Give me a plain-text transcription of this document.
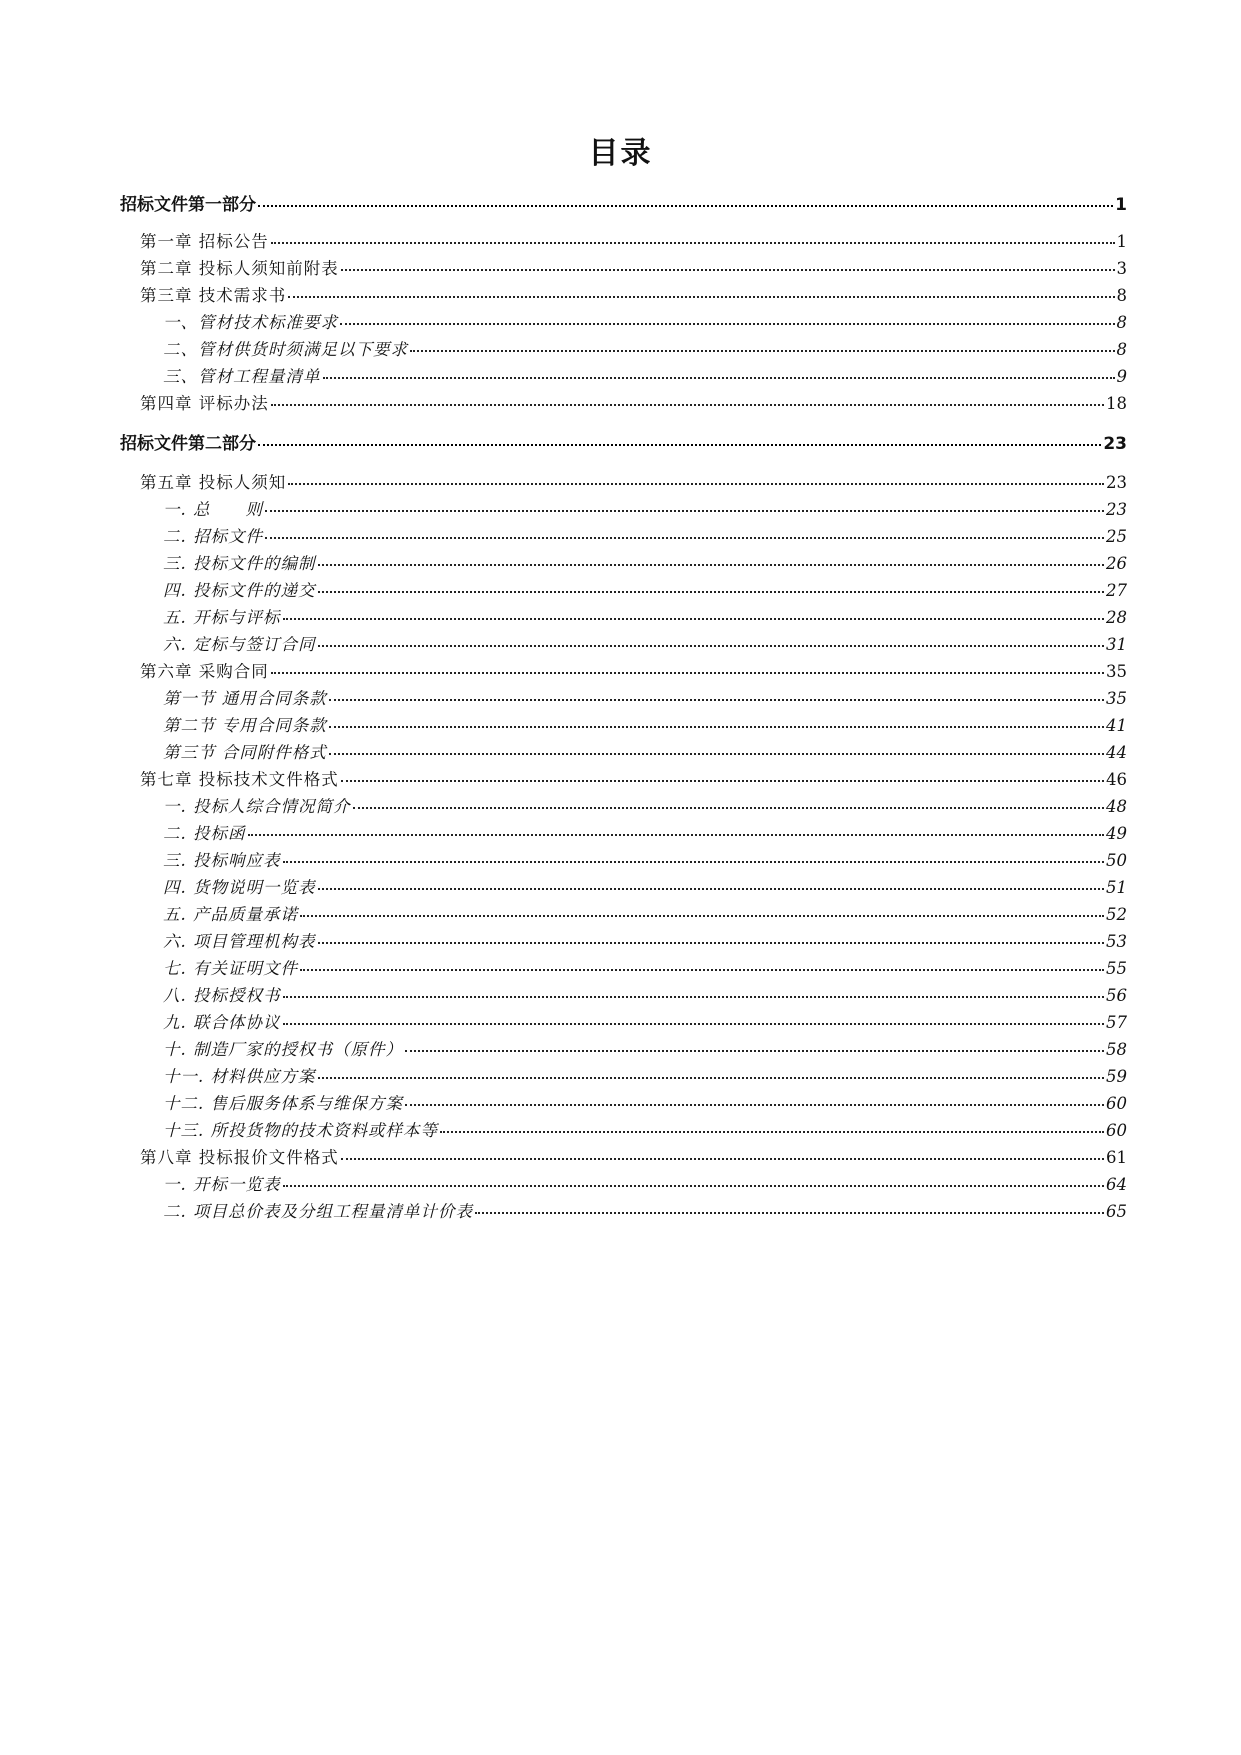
目录
招标文件第一部分	1
第一章 招标公告	1
第二章 投标人须知前附表	3
第三章 技术需求书	8
一、管材技术标准要求	8
二、管材供货时须满足以下要求	8
三、管材工程量清单	9
第四章 评标办法	18
招标文件第二部分	23
第五章 投标人须知	23
一. 总　　则	23
二. 招标文件	25
三. 投标文件的编制	26
四. 投标文件的递交	27
五. 开标与评标	28
六. 定标与签订合同	31
第六章 采购合同	35
第一节 通用合同条款	35
第二节 专用合同条款	41
第三节 合同附件格式	44
第七章 投标技术文件格式	46
一. 投标人综合情况简介	48
二. 投标函	49
三. 投标响应表	50
四. 货物说明一览表	51
五. 产品质量承诺	52
六. 项目管理机构表	53
七. 有关证明文件	55
八. 投标授权书	56
九. 联合体协议	57
十. 制造厂家的授权书（原件）	58
十一. 材料供应方案	59
十二. 售后服务体系与维保方案	60
十三. 所投货物的技术资料或样本等	60
第八章 投标报价文件格式	61
一. 开标一览表	64
二. 项目总价表及分组工程量清单计价表	65
